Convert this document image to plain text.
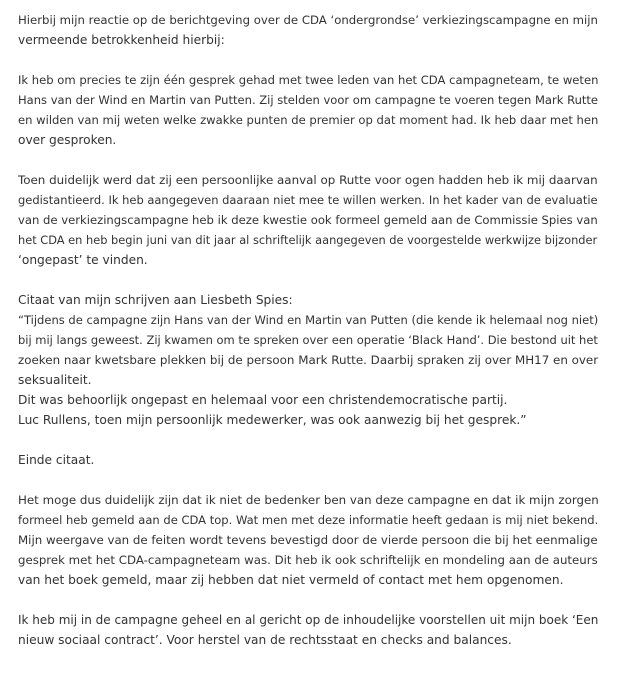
Hierbij mijn reactie op de berichtgeving over de CDA ‘ondergrondse’ verkiezingscampagne en mijn
vermeende betrokkenheid hierbij:

Ik heb om precies te zijn één gesprek gehad met twee leden van het CDA campagneteam, te weten
Hans van der Wind en Martin van Putten. Zij stelden voor om campagne te voeren tegen Mark Rutte
en wilden van mij weten welke zwakke punten de premier op dat moment had. Ik heb daar met hen
over gesproken.

Toen duidelijk werd dat zij een persoonlijke aanval op Rutte voor ogen hadden heb ik mij daarvan
gedistantieerd. Ik heb aangegeven daaraan niet mee te willen werken. In het kader van de evaluatie
van de verkiezingscampagne heb ik deze kwestie ook formeel gemeld aan de Commissie Spies van
het CDA en heb begin juni van dit jaar al schriftelijk aangegeven de voorgestelde werkwijze bijzonder
‘ongepast’ te vinden.

Citaat van mijn schrijven aan Liesbeth Spies:
“Tijdens de campagne zijn Hans van der Wind en Martin van Putten (die kende ik helemaal nog niet)
bij mij langs geweest. Zij kwamen om te spreken over een operatie ‘Black Hand’. Die bestond uit het
zoeken naar kwetsbare plekken bij de persoon Mark Rutte. Daarbij spraken zij over MH17 en over
seksualiteit.
Dit was behoorlijk ongepast en helemaal voor een christendemocratische partij.
Luc Rullens, toen mijn persoonlijk medewerker, was ook aanwezig bij het gesprek.”

Einde citaat.

Het moge dus duidelijk zijn dat ik niet de bedenker ben van deze campagne en dat ik mijn zorgen
formeel heb gemeld aan de CDA top. Wat men met deze informatie heeft gedaan is mij niet bekend.
Mijn weergave van de feiten wordt tevens bevestigd door de vierde persoon die bij het eenmalige
gesprek met het CDA-campagneteam was. Dit heb ik ook schriftelijk en mondeling aan de auteurs
van het boek gemeld, maar zij hebben dat niet vermeld of contact met hem opgenomen.

Ik heb mij in de campagne geheel en al gericht op de inhoudelijke voorstellen uit mijn boek ‘Een
nieuw sociaal contract’. Voor herstel van de rechtsstaat en checks and balances.
